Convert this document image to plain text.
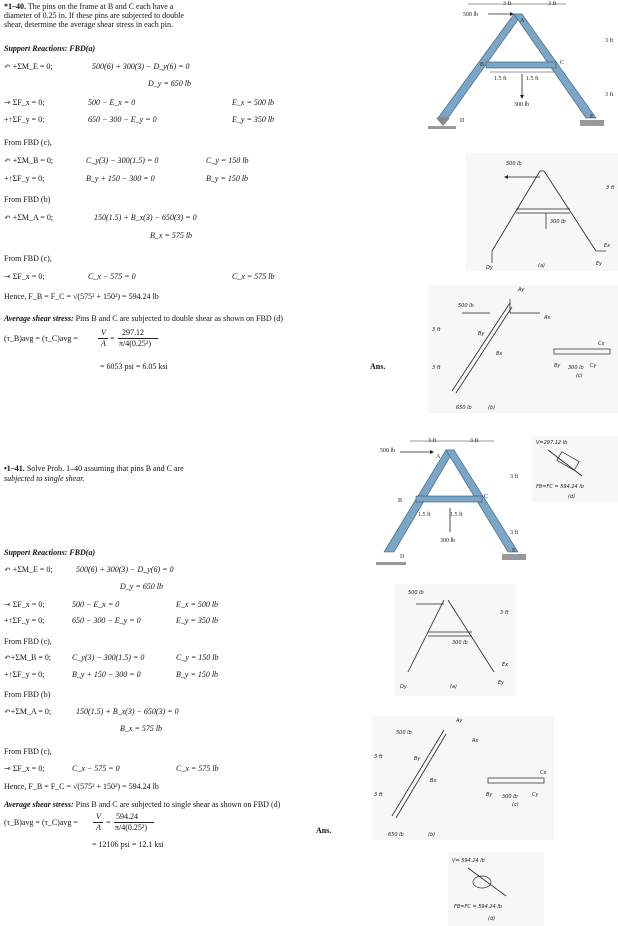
*1–40. The pins on the frame at B and C each have a
diameter of 0.25 in. If these pins are subjected to double
shear, determine the average shear stress in each pin.
Support Reactions: FBD(a)
↶ +ΣM_E = 0;	500(6) + 300(3) − D_y(6) = 0
D_y = 650 lb
⇾ ΣF_x = 0;	500 − E_x = 0	E_x = 500 lb
+↑ΣF_y = 0;	650 − 300 − E_y = 0	E_y = 350 lb
From FBD (c),
↶ +ΣM_B = 0;	C_y(3) − 300(1.5) = 0	C_y = 150 lb
+↑ΣF_y = 0;	B_y + 150 − 300 = 0	B_y = 150 lb
From FBD (b)
↶ +ΣM_A = 0;	150(1.5) + B_x(3) − 650(3) = 0
B_x = 575 lb
From FBD (c),
⇾ ΣF_x = 0;	C_x − 575 = 0	C_x = 575 lb
Hence, F_B = F_C = √(575² + 150²) = 594.24 lb
Average shear stress: Pins B and C are subjected to double shear as shown on FBD (d)
(τ_B)avg = (τ_C)avg =
V
A
=
297.12
π/4(0.25²)
= 6053 psi = 6.05 ksi	Ans.
•1–41. Solve Prob. 1–40 assuming that pins B and C are
subjected to single shear.
Support Reactions: FBD(a)
↶ +ΣM_E = 0;	500(6) + 300(3) − D_y(6) = 0
D_y = 650 lb
⇾ ΣF_x = 0;	500 − E_x = 0	E_x = 500 lb
+↑ΣF_y = 0;	650 − 300 − E_y = 0	E_y = 350 lb
From FBD (c),
↶+ΣM_B = 0;	C_y(3) − 300(1.5) = 0	C_y = 150 lb
+↑ΣF_y = 0;	B_y + 150 − 300 = 0	B_y = 150 lb
From FBD (b)
↶+ΣM_A = 0;	150(1.5) + B_x(3) − 650(3) = 0
B_x = 575 lb
From FBD (c),
⇾ ΣF_x = 0;	C_x − 575 = 0	C_x = 575 lb
Hence, F_B = F_C = √(575² + 150²) = 594.24 lb
Average shear stress: Pins B and C are subjected to single shear as shown on FBD (d)
(τ_B)avg = (τ_C)avg =
V
A
=
594.24
π/4(0.25²)
= 12106 psi = 12.1 ksi
Ans.
3 ft	3 ft
500 lb
A
B	C
D
E
1.5 ft	1.5 ft
300 lb
3 ft
3 ft
500 lb
300 lb
Dy
Ex
Ey
3 ft
(a)
500 lb
Ay
Ax
By
Bx
650 lb	(b)
3 ft
3 ft
Cx
Cy
By 300 lb
(c)
3 ft	3 ft
500 lb
A
B
C
D
E
1.5 ft	1.5 ft
300 lb
3 ft
3 ft
V=297.12 lb
FB=FC = 594.24 lb
(d)
500 lb
300 lb
Dy
Ex
Ey
3 ft
(a)
500 lb
Ay
Ax
By
Bx
650 lb	(b)
3 ft
3 ft
Cx
Cy
By 300 lb
(c)
V= 594.24 lb
FB=FC = 594.24 lb
(d)
